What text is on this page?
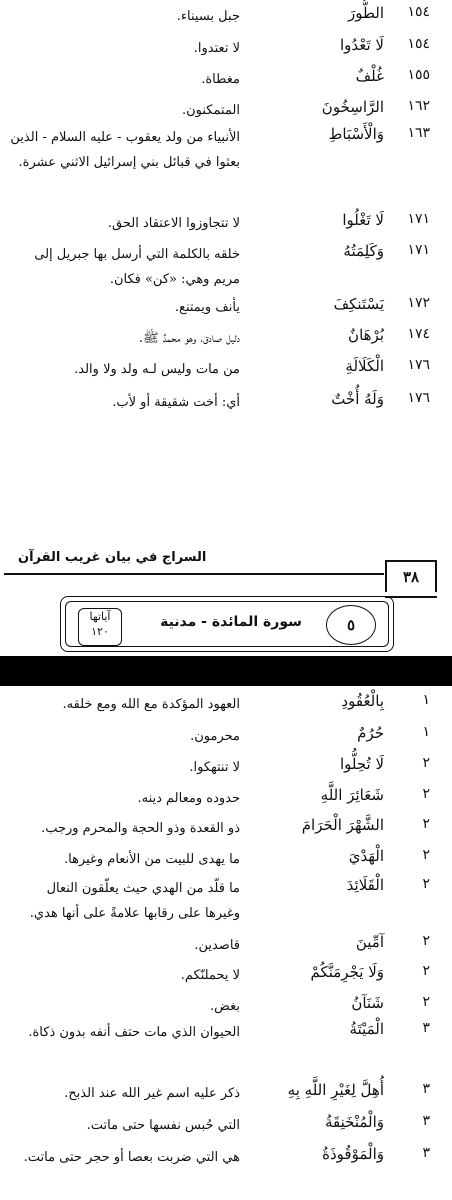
١٥٤
الطُّورَ
جبل بسيناء.
١٥٤
لَا تَعْدُوا
لا تعتدوا.
١٥٥
غُلْفٌ
مغطاة.
١٦٢
الرَّاسِخُونَ
المتمكنون.
١٦٣
وَالْأَسْبَاطِ
الأنبياء من ولد يعقوب - عليه السلام - الذين بعثوا في قبائل بني إسرائيل الاثني عشرة.
١٧١
لَا تَغْلُوا
لا تتجاوزوا الاعتقاد الحق.
١٧١
وَكَلِمَتُهُ
خلقه بالكلمة التي أرسل بها جبريل إلى مريم وهي: «كن» فكان.
١٧٢
يَسْتَنكِفَ
يأنف ويمتنع.
١٧٤
بُرْهَانٌ
دليل صادق، وهو محمدٌ ﷺ.
١٧٦
الْكَلَالَةِ
من مات وليس لـه ولد ولا والد.
١٧٦
وَلَهُ أُخْتٌ
أي: أخت شقيقة أو لأب.
السراج في بيان غريب القرآن
٣٨
آياتها
١٢٠
سورة المائدة - مدنية	٥
١
بِالْعُقُودِ
العهود المؤكدة مع الله ومع خلقه.
١
حُرُمٌ
محرمون.
٢
لَا تُحِلُّوا
لا تنتهكوا.
٢
شَعَائِرَ اللَّهِ
حدوده ومعالم دينه.
٢
الشَّهْرَ الْحَرَامَ
ذو القعدة وذو الحجة والمحرم ورجب.
٢
الْهَدْيَ
ما يهدى للبيت من الأنعام وغيرها.
٢
الْقَلَائِدَ
ما قلّد من الهدي حيث يعلّقون النعال وغيرها على رقابها علامةً على أنها هدي.
٢
آمِّينَ
قاصدين.
٢
وَلَا يَجْرِمَنَّكُمْ
لا يحملنّكم.
٢
شَنَآنُ
بغض.
٣
الْمَيْتَةُ
الحيوان الذي مات حتف أنفه بدون ذكاة.
٣
أُهِلَّ لِغَيْرِ اللَّهِ بِهِ
ذكر عليه اسم غير الله عند الذبح.
٣
وَالْمُنْخَنِقَةُ
التي حُبس نفسها حتى ماتت.
٣
وَالْمَوْقُوذَةُ
هي التي ضربت بعصا أو حجر حتى ماتت.
